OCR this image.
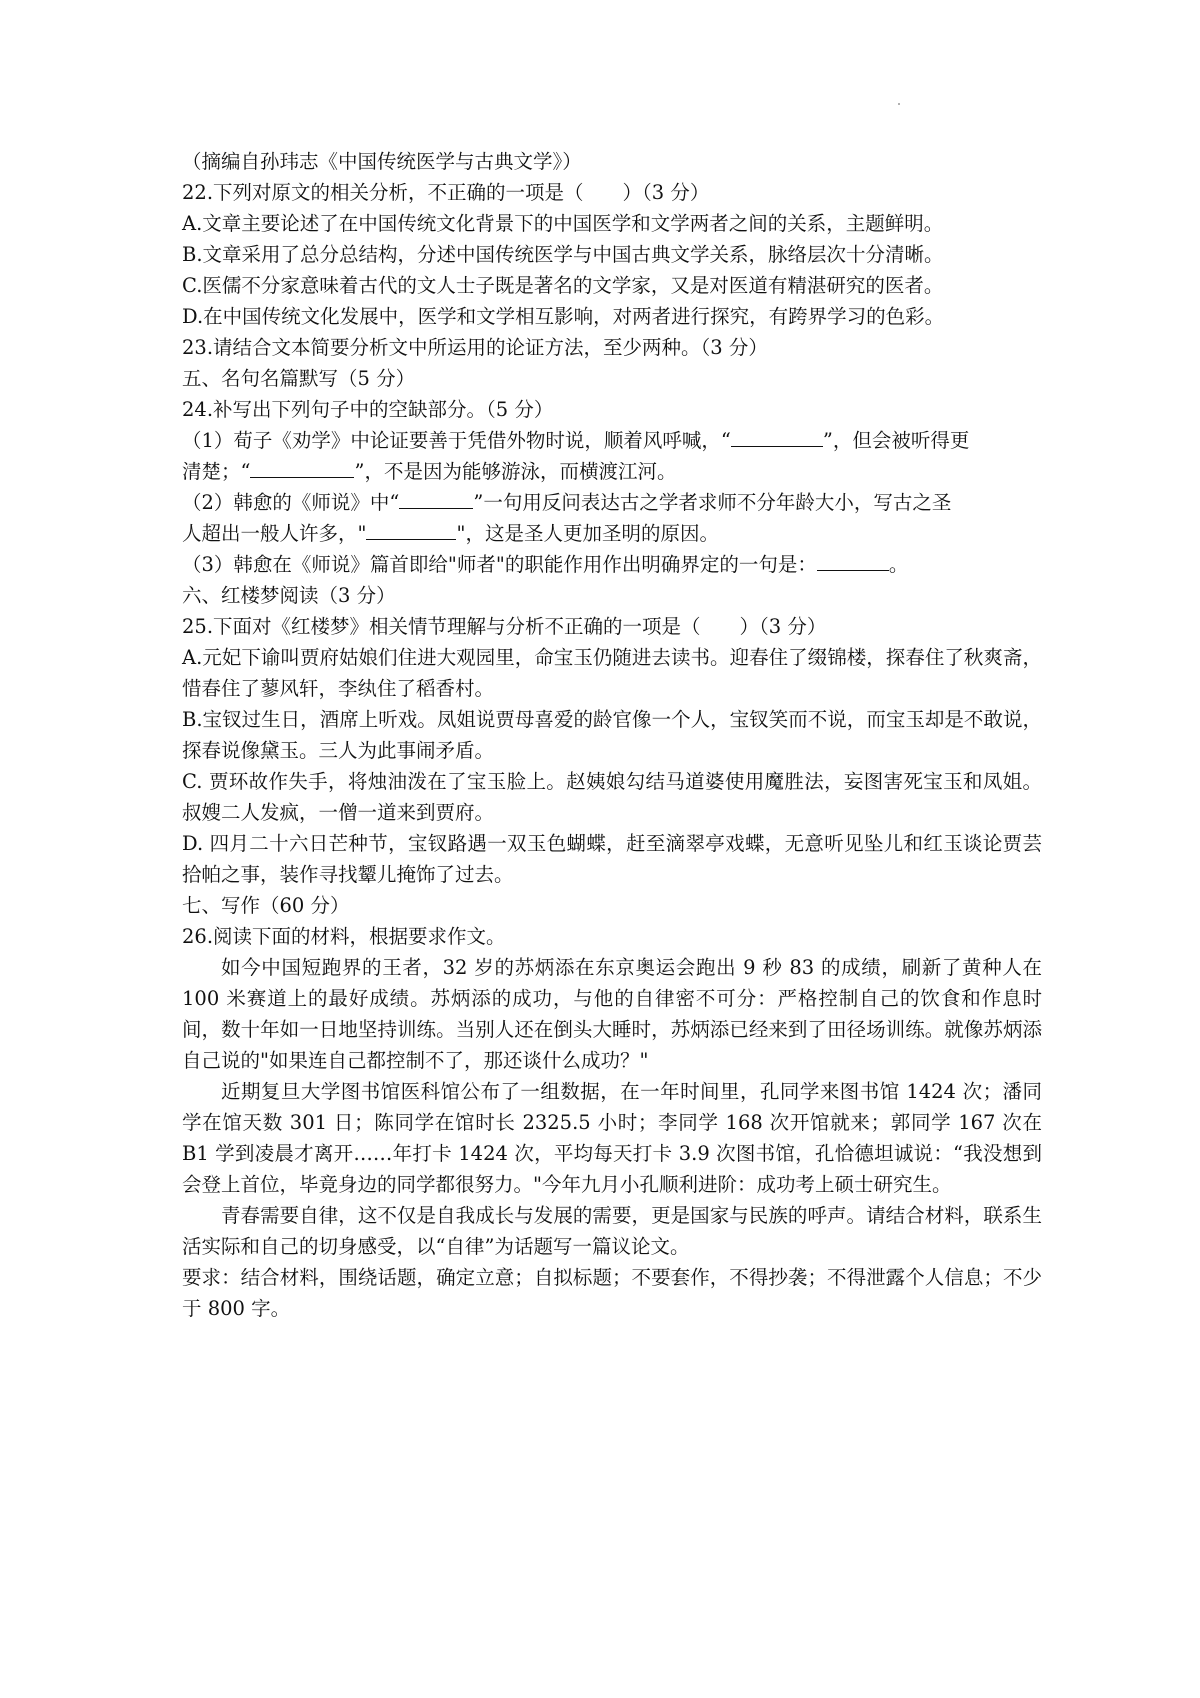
（摘编自孙玮志《中国传统医学与古典文学》）
22.下列对原文的相关分析，不正确的一项是（　　）（3 分）
A.文章主要论述了在中国传统文化背景下的中国医学和文学两者之间的关系，主题鲜明。
B.文章采用了总分总结构，分述中国传统医学与中国古典文学关系，脉络层次十分清晰。
C.医儒不分家意味着古代的文人士子既是著名的文学家，又是对医道有精湛研究的医者。
D.在中国传统文化发展中，医学和文学相互影响，对两者进行探究，有跨界学习的色彩。
23.请结合文本简要分析文中所运用的论证方法，至少两种。（3 分）
五、名句名篇默写（5 分）
24.补写出下列句子中的空缺部分。（5 分）
（1）荀子《劝学》中论证要善于凭借外物时说，顺着风呼喊，“	”，但会被听得更
清楚；“	”，不是因为能够游泳，而横渡江河。
（2）韩愈的《师说》中“	”一句用反问表达古之学者求师不分年龄大小，写古之圣
人超出一般人许多，"	"，这是圣人更加圣明的原因。
（3）韩愈在《师说》篇首即给"师者"的职能作用作出明确界定的一句是：	。
六、红楼梦阅读（3 分）
25.下面对《红楼梦》相关情节理解与分析不正确的一项是（　　）（3 分）
A.元妃下谕叫贾府姑娘们住进大观园里，命宝玉仍随进去读书。迎春住了缀锦楼，探春住了秋爽斋，惜春住了蓼风轩，李纨住了稻香村。
B.宝钗过生日，酒席上听戏。凤姐说贾母喜爱的龄官像一个人，宝钗笑而不说，而宝玉却是不敢说，探春说像黛玉。三人为此事闹矛盾。
C. 贾环故作失手，将烛油泼在了宝玉脸上。赵姨娘勾结马道婆使用魔胜法，妄图害死宝玉和凤姐。叔嫂二人发疯，一僧一道来到贾府。
D. 四月二十六日芒种节，宝钗路遇一双玉色蝴蝶，赶至滴翠亭戏蝶，无意听见坠儿和红玉谈论贾芸拾帕之事，装作寻找颦儿掩饰了过去。
七、写作（60 分）
26.阅读下面的材料，根据要求作文。
如今中国短跑界的王者，32 岁的苏炳添在东京奥运会跑出 9 秒 83 的成绩，刷新了黄种人在 100 米赛道上的最好成绩。苏炳添的成功，与他的自律密不可分：严格控制自己的饮食和作息时间，数十年如一日地坚持训练。当别人还在倒头大睡时，苏炳添已经来到了田径场训练。就像苏炳添自己说的"如果连自己都控制不了，那还谈什么成功？"
近期复旦大学图书馆医科馆公布了一组数据，在一年时间里，孔同学来图书馆 1424 次；潘同学在馆天数 301 日；陈同学在馆时长 2325.5 小时；李同学 168 次开馆就来；郭同学 167 次在 B1 学到凌晨才离开……年打卡 1424 次，平均每天打卡 3.9 次图书馆，孔恰德坦诚说：“我没想到会登上首位，毕竟身边的同学都很努力。"今年九月小孔顺利进阶：成功考上硕士研究生。
青春需要自律，这不仅是自我成长与发展的需要，更是国家与民族的呼声。请结合材料，联系生活实际和自己的切身感受，以“自律”为话题写一篇议论文。
要求：结合材料，围绕话题，确定立意；自拟标题；不要套作，不得抄袭；不得泄露个人信息；不少于 800 字。
